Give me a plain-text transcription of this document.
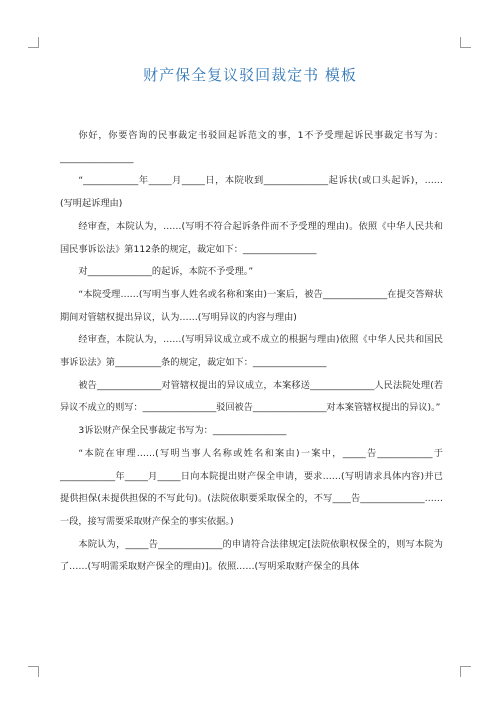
财产保全复议驳回裁定书 模板

你好，你要咨询的民事裁定书驳回起诉范文的事，1不予受理起诉民事裁定书写为：________________

“____________年_____月_____日，本院收到______________起诉状(或口头起诉)，……(写明起诉理由)

经审查，本院认为，……(写明不符合起诉条件而不予受理的理由)。依照《中华人民共和国民事诉讼法》第112条的规定，裁定如下：________________

对______________的起诉，本院不予受理。”

“本院受理……(写明当事人姓名或名称和案由)一案后，被告______________在提交答辩状期间对管辖权提出异议，认为……(写明异议的内容与理由)

经审查，本院认为，……(写明异议成立或不成立的根据与理由)依照《中华人民共和国民事诉讼法》第__________条的规定，裁定如下：________________

被告______________对管辖权提出的异议成立，本案移送______________人民法院处理(若异议不成立的则写：________________驳回被告________________对本案管辖权提出的异议)。”

3诉讼财产保全民事裁定书写为：________________

“本院在审理……(写明当事人名称或姓名和案由)一案中，_____告____________于____________年_____月_____日向本院提出财产保全申请，要求……(写明请求具体内容)并已提供担保(未提供担保的不写此句)。(法院依职要采取保全的，不写____告______________……一段，接写需要采取财产保全的事实依据。)

本院认为，_____告______________的申请符合法律规定[法院依职权保全的，则写本院为了……(写明需采取财产保全的理由)]。依照……(写明采取财产保全的具体
